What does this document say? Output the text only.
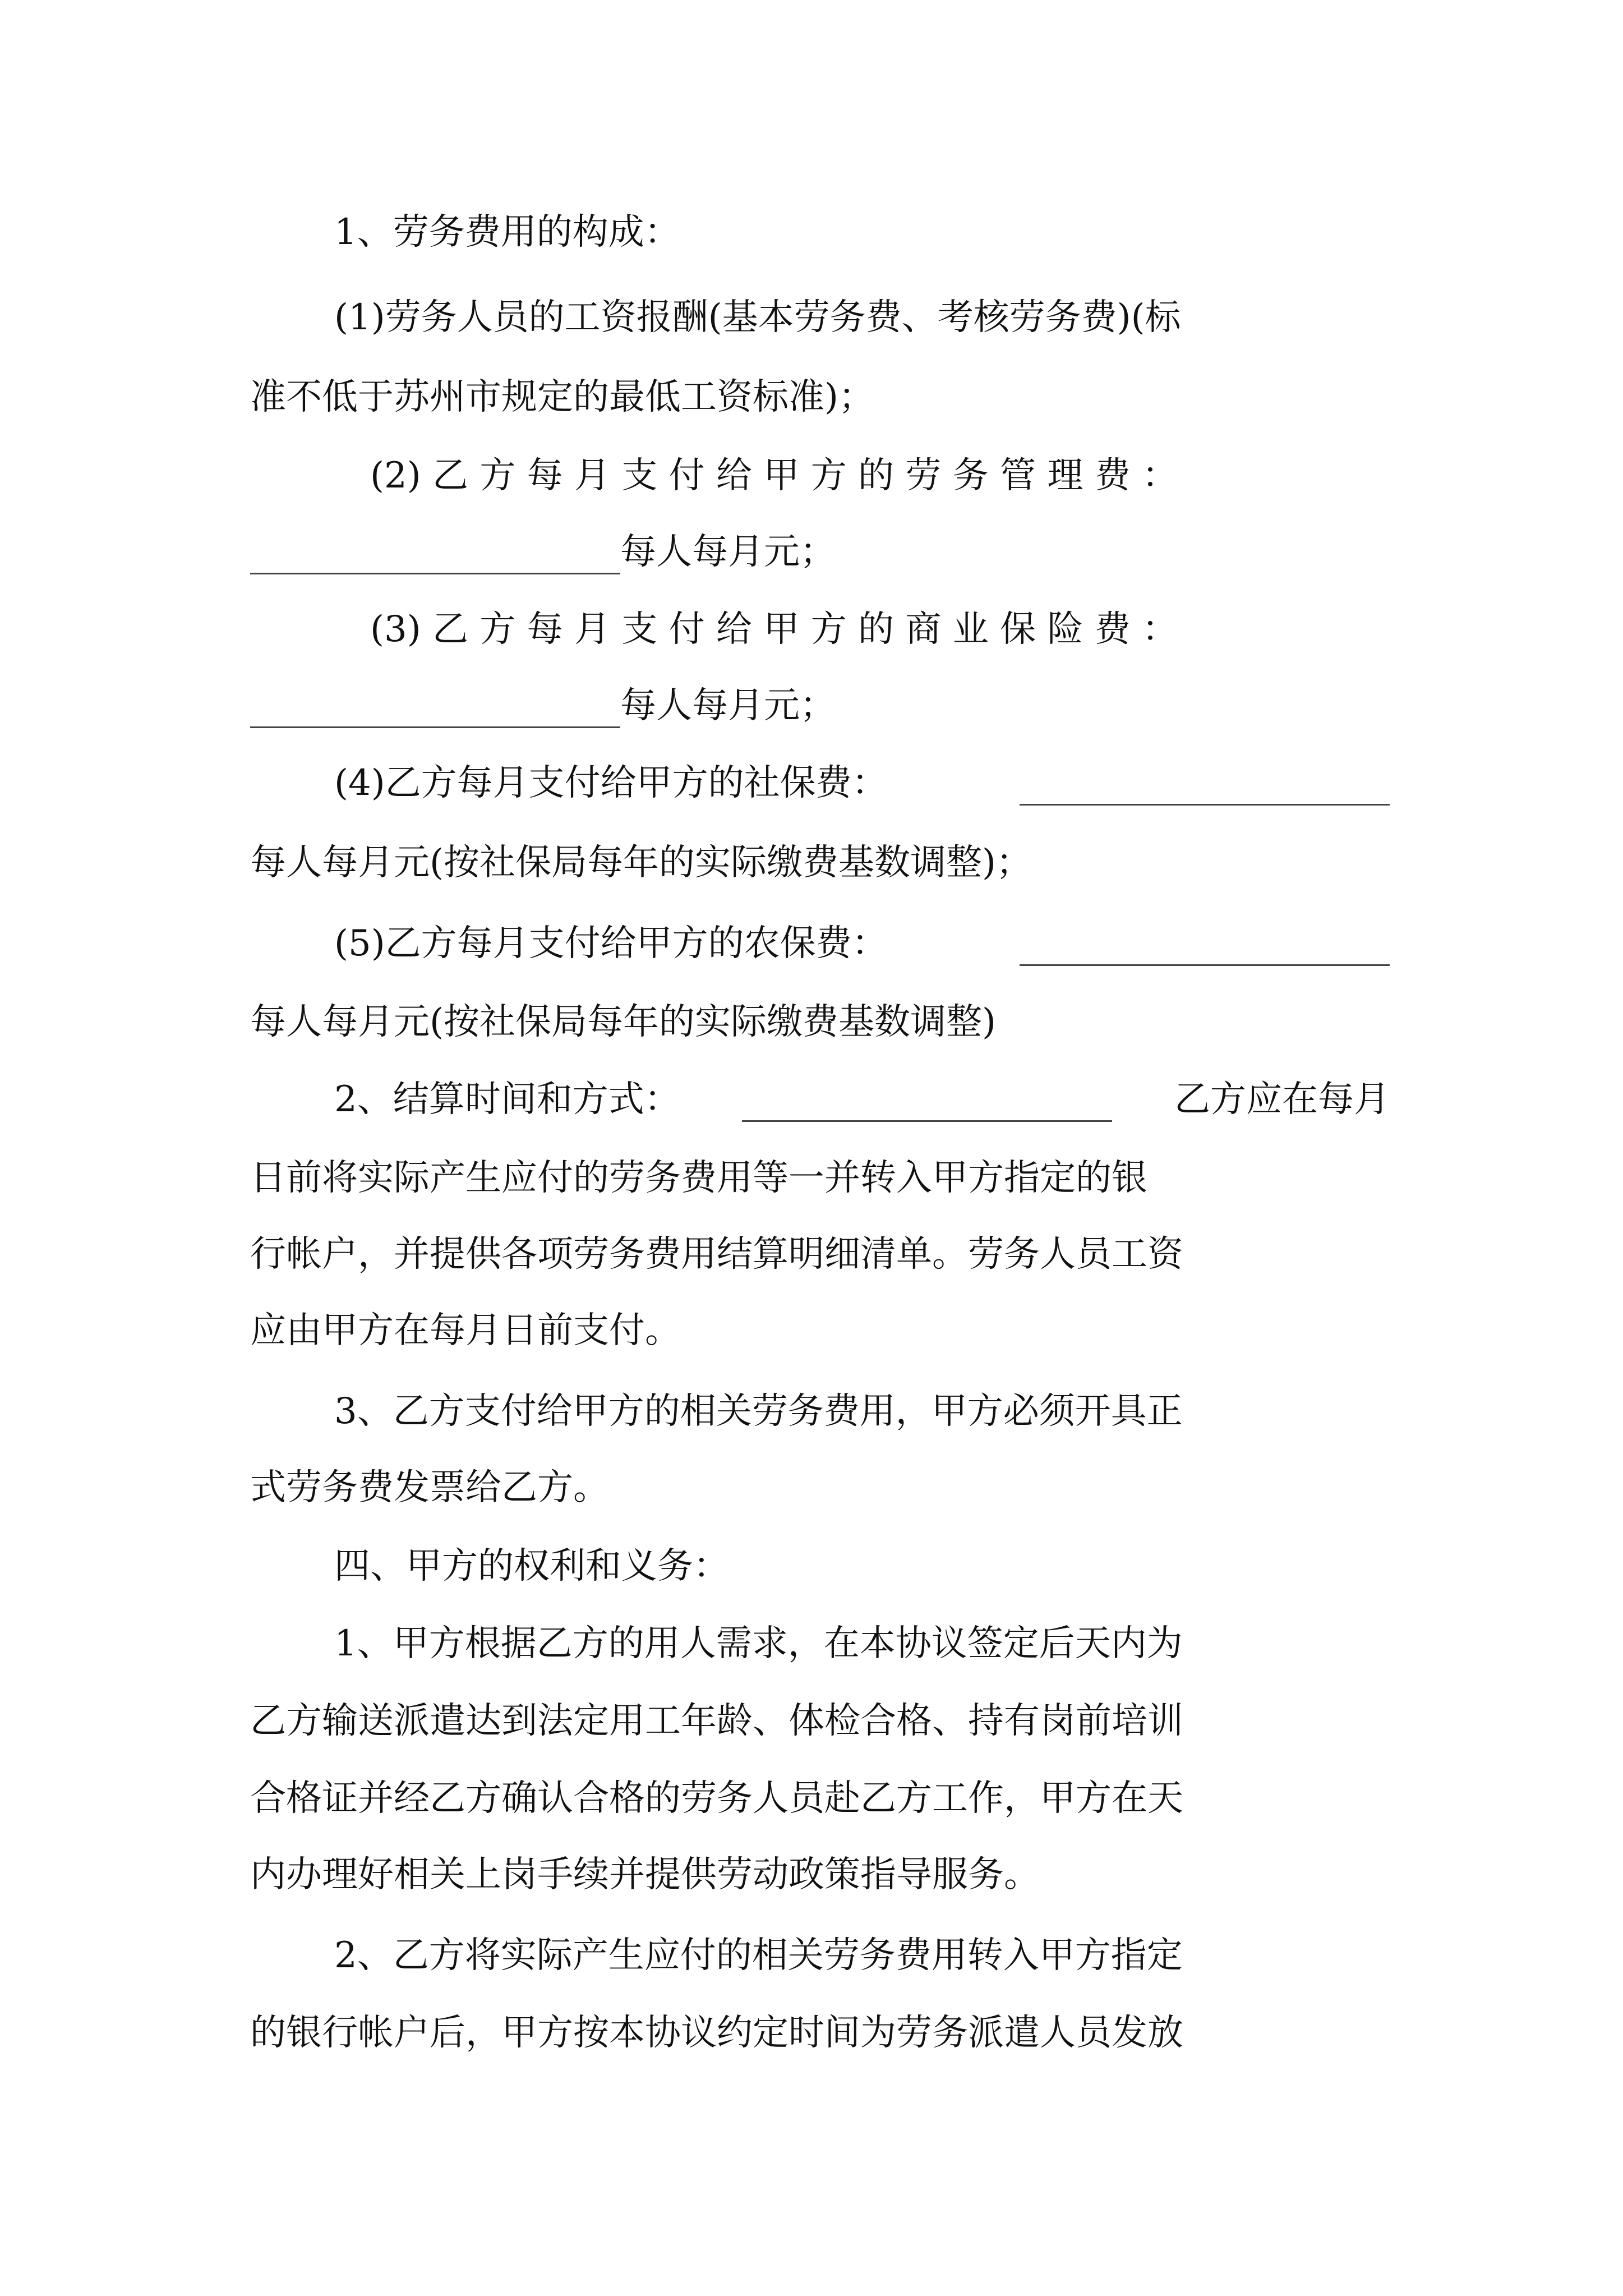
1、劳务费用的构成：
(1)劳务人员的工资报酬(基本劳务费、考核劳务费)(标
准不低于苏州市规定的最低工资标准)；
(2) 乙 方 每 月 支 付 给 甲 方 的 劳 务 管 理 费 ：
每人每月元；
(3) 乙 方 每 月 支 付 给 甲 方 的 商 业 保 险 费 ：
每人每月元；
(4)乙方每月支付给甲方的社保费：
每人每月元(按社保局每年的实际缴费基数调整)；
(5)乙方每月支付给甲方的农保费：
每人每月元(按社保局每年的实际缴费基数调整)
2、结算时间和方式：	乙方应在每月
日前将实际产生应付的劳务费用等一并转入甲方指定的银
行帐户，并提供各项劳务费用结算明细清单。劳务人员工资
应由甲方在每月日前支付。
3、乙方支付给甲方的相关劳务费用，甲方必须开具正
式劳务费发票给乙方。
四、甲方的权利和义务：
1、甲方根据乙方的用人需求，在本协议签定后天内为
乙方输送派遣达到法定用工年龄、体检合格、持有岗前培训
合格证并经乙方确认合格的劳务人员赴乙方工作，甲方在天
内办理好相关上岗手续并提供劳动政策指导服务。
2、乙方将实际产生应付的相关劳务费用转入甲方指定
的银行帐户后，甲方按本协议约定时间为劳务派遣人员发放
